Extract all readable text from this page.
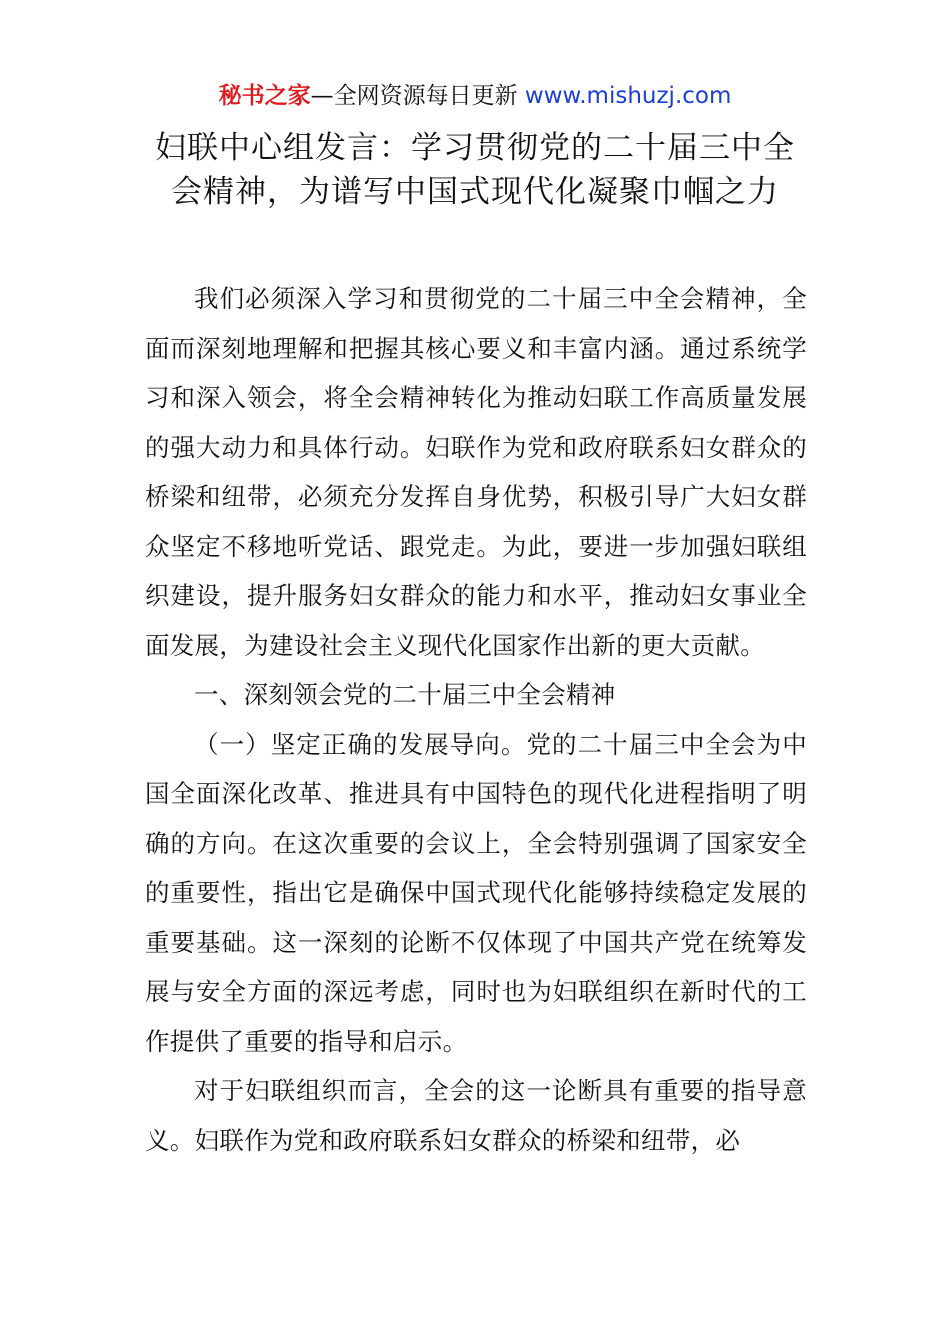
秘书之家—全网资源每日更新 www.mishuzj.com
妇联中心组发言：学习贯彻党的二十届三中全
会精神，为谱写中国式现代化凝聚巾帼之力

我们必须深入学习和贯彻党的二十届三中全会精神，全面而深刻地理解和把握其核心要义和丰富内涵。通过系统学习和深入领会，将全会精神转化为推动妇联工作高质量发展的强大动力和具体行动。妇联作为党和政府联系妇女群众的桥梁和纽带，必须充分发挥自身优势，积极引导广大妇女群众坚定不移地听党话、跟党走。为此，要进一步加强妇联组织建设，提升服务妇女群众的能力和水平，推动妇女事业全面发展，为建设社会主义现代化国家作出新的更大贡献。

一、深刻领会党的二十届三中全会精神

（一）坚定正确的发展导向。党的二十届三中全会为中国全面深化改革、推进具有中国特色的现代化进程指明了明确的方向。在这次重要的会议上，全会特别强调了国家安全的重要性，指出它是确保中国式现代化能够持续稳定发展的重要基础。这一深刻的论断不仅体现了中国共产党在统筹发展与安全方面的深远考虑，同时也为妇联组织在新时代的工作提供了重要的指导和启示。

对于妇联组织而言，全会的这一论断具有重要的指导意义。妇联作为党和政府联系妇女群众的桥梁和纽带，必
